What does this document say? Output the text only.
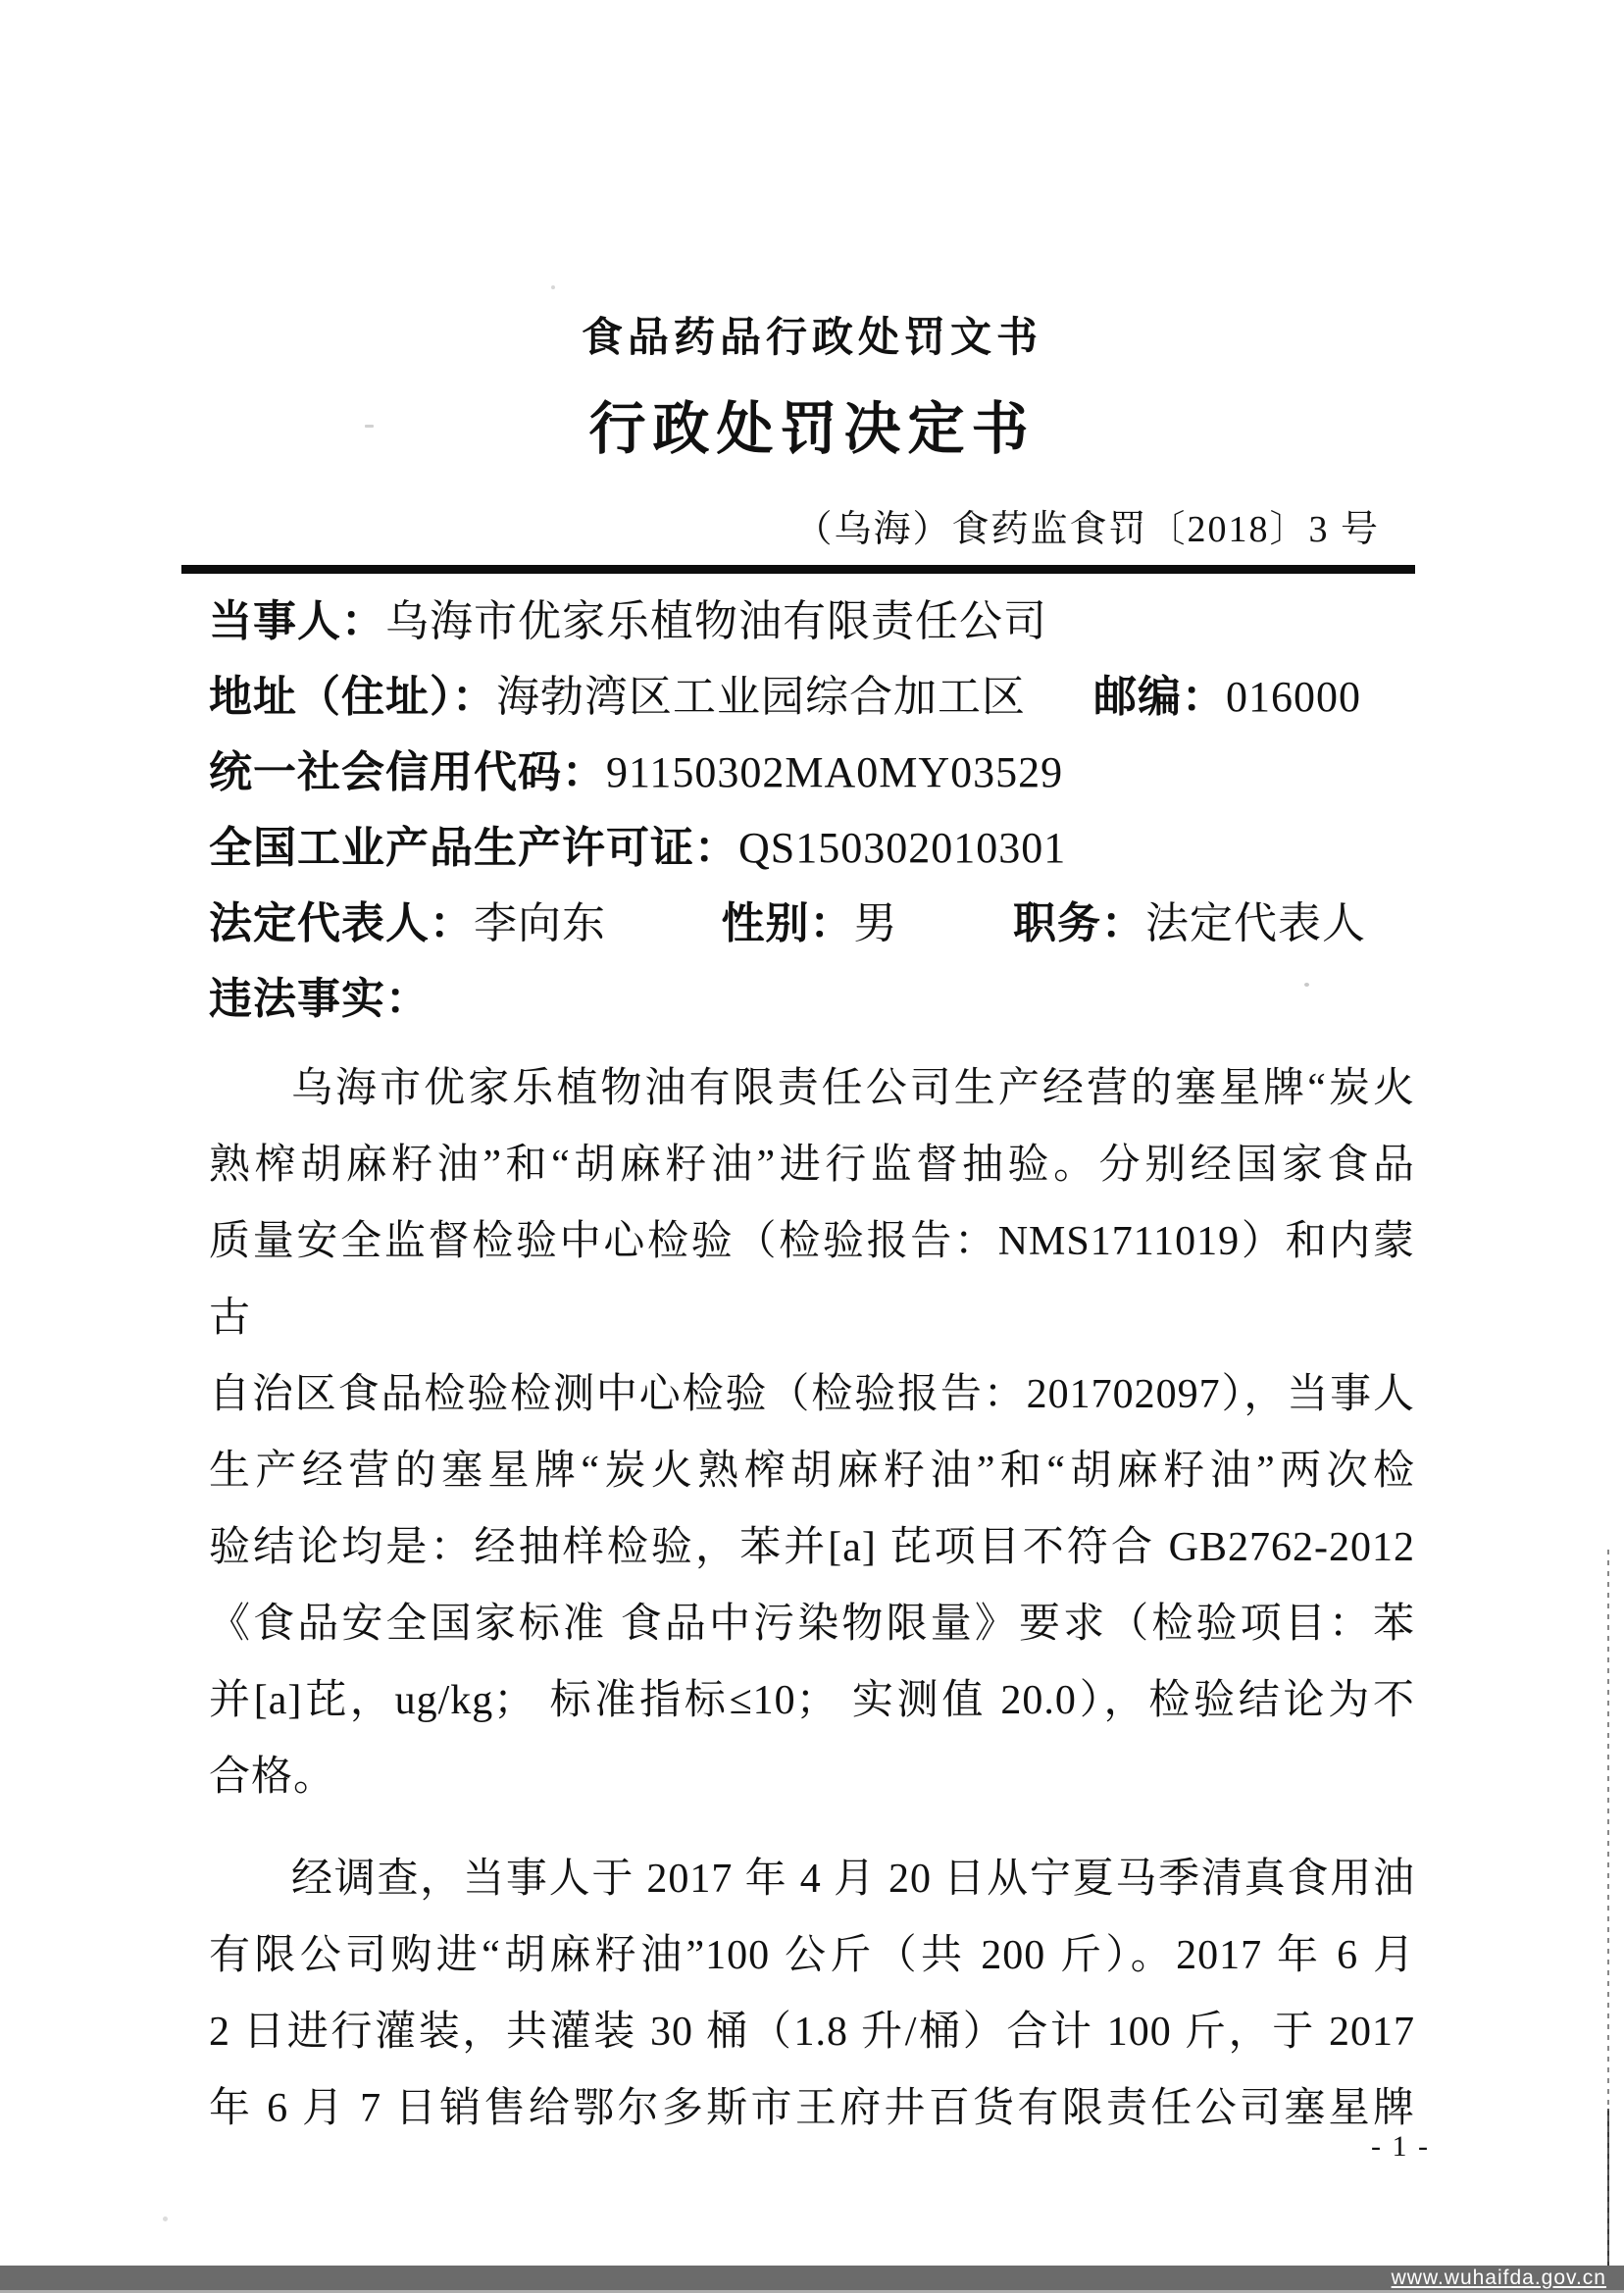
食品药品行政处罚文书
行政处罚决定书
（乌海）食药监食罚〔2018〕3 号
当事人：乌海市优家乐植物油有限责任公司
地址（住址）：海勃湾区工业园综合加工区 邮编：016000
统一社会信用代码：91150302MA0MY03529
全国工业产品生产许可证：QS150302010301
法定代表人：李向东	性别：男	职务：法定代表人
违法事实：
乌海市优家乐植物油有限责任公司生产经营的塞星牌“炭火
熟榨胡麻籽油”和“胡麻籽油”进行监督抽验。分别经国家食品
质量安全监督检验中心检验（检验报告：NMS1711019）和内蒙古
自治区食品检验检测中心检验（检验报告：201702097），当事人
生产经营的塞星牌“炭火熟榨胡麻籽油”和“胡麻籽油”两次检
验结论均是：经抽样检验，苯并[a] 芘项目不符合 GB2762-2012
《食品安全国家标准 食品中污染物限量》要求（检验项目：苯
并[a]芘，ug/kg； 标准指标≤10； 实测值 20.0），检验结论为不
合格。
经调查，当事人于 2017 年 4 月 20 日从宁夏马季清真食用油
有限公司购进“胡麻籽油”100 公斤（共 200 斤）。2017 年 6 月
2 日进行灌装，共灌装 30 桶（1.8 升/桶）合计 100 斤，于 2017
年 6 月 7 日销售给鄂尔多斯市王府井百货有限责任公司塞星牌
- 1 -
www.wuhaifda.gov.cn
